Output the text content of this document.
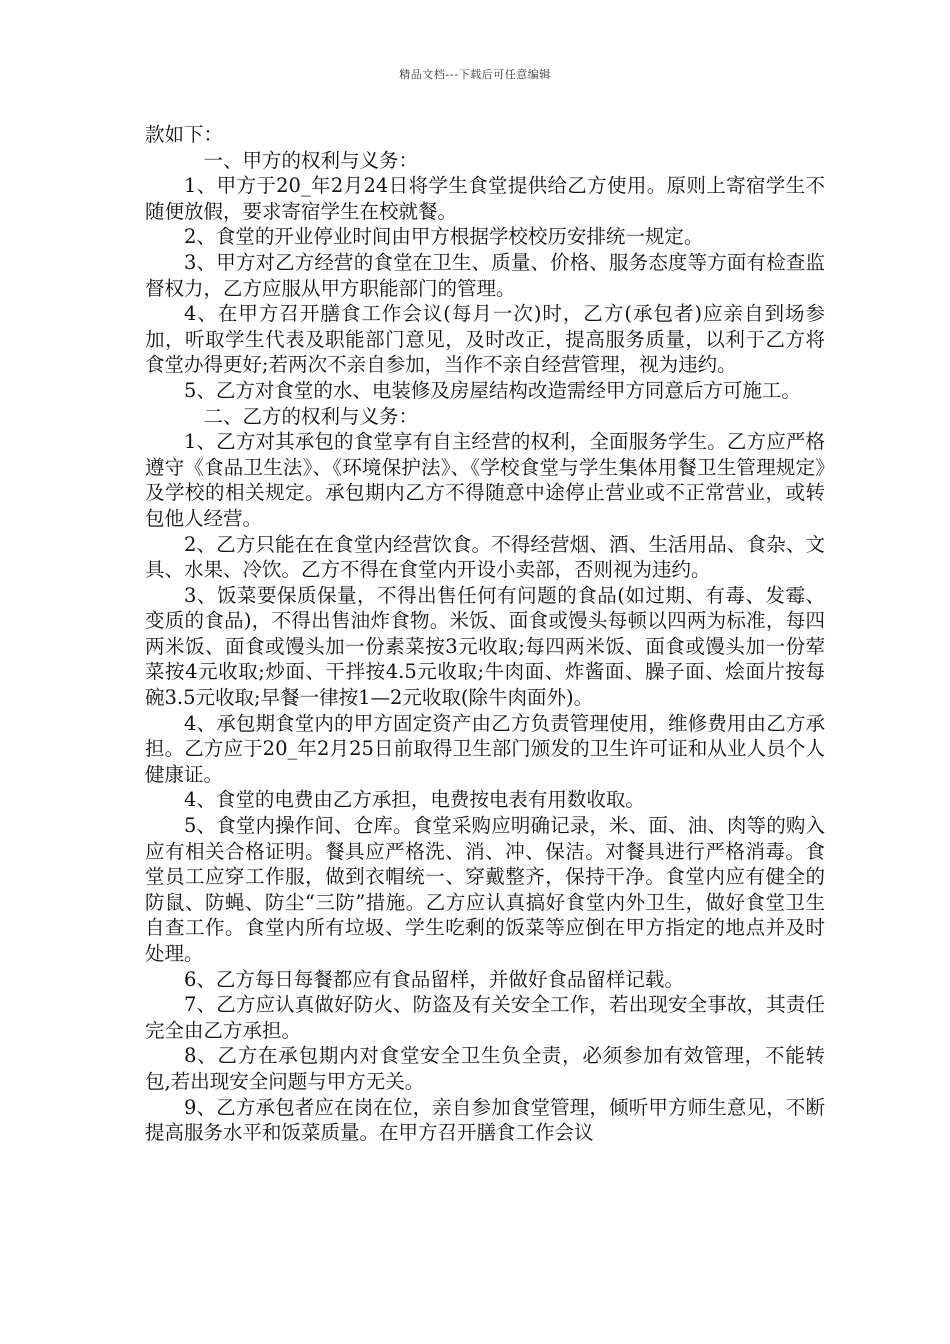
精品文档---下载后可任意编辑

款如下：

一、甲方的权利与义务：

1、甲方于20_年2月24日将学生食堂提供给乙方使用。原则上寄宿学生不随便放假，要求寄宿学生在校就餐。

2、食堂的开业停业时间由甲方根据学校校历安排统一规定。

3、甲方对乙方经营的食堂在卫生、质量、价格、服务态度等方面有检查监督权力，乙方应服从甲方职能部门的管理。

4、在甲方召开膳食工作会议(每月一次)时，乙方(承包者)应亲自到场参加，听取学生代表及职能部门意见，及时改正，提高服务质量，以利于乙方将食堂办得更好;若两次不亲自参加，当作不亲自经营管理，视为违约。

5、乙方对食堂的水、电装修及房屋结构改造需经甲方同意后方可施工。

二、乙方的权利与义务：

1、乙方对其承包的食堂享有自主经营的权利，全面服务学生。乙方应严格遵守《食品卫生法》、《环境保护法》、《学校食堂与学生集体用餐卫生管理规定》及学校的相关规定。承包期内乙方不得随意中途停止营业或不正常营业，或转包他人经营。

2、乙方只能在在食堂内经营饮食。不得经营烟、酒、生活用品、食杂、文具、水果、冷饮。乙方不得在食堂内开设小卖部，否则视为违约。

3、饭菜要保质保量，不得出售任何有问题的食品(如过期、有毒、发霉、变质的食品)，不得出售油炸食物。米饭、面食或馒头每顿以四两为标准，每四两米饭、面食或馒头加一份素菜按3元收取;每四两米饭、面食或馒头加一份荤菜按4元收取;炒面、干拌按4.5元收取;牛肉面、炸酱面、臊子面、烩面片按每碗3.5元收取;早餐一律按1—2元收取(除牛肉面外)。

4、承包期食堂内的甲方固定资产由乙方负责管理使用，维修费用由乙方承担。乙方应于20_年2月25日前取得卫生部门颁发的卫生许可证和从业人员个人健康证。

4、食堂的电费由乙方承担，电费按电表有用数收取。

5、食堂内操作间、仓库。食堂采购应明确记录，米、面、油、肉等的购入应有相关合格证明。餐具应严格洗、消、冲、保洁。对餐具进行严格消毒。食堂员工应穿工作服，做到衣帽统一、穿戴整齐，保持干净。食堂内应有健全的防鼠、防蝇、防尘“三防”措施。乙方应认真搞好食堂内外卫生，做好食堂卫生自查工作。食堂内所有垃圾、学生吃剩的饭菜等应倒在甲方指定的地点并及时处理。

6、乙方每日每餐都应有食品留样，并做好食品留样记载。

7、乙方应认真做好防火、防盗及有关安全工作，若出现安全事故，其责任完全由乙方承担。

8、乙方在承包期内对食堂安全卫生负全责，必须参加有效管理，不能转包,若出现安全问题与甲方无关。

9、乙方承包者应在岗在位，亲自参加食堂管理，倾听甲方师生意见，不断提高服务水平和饭菜质量。在甲方召开膳食工作会议
